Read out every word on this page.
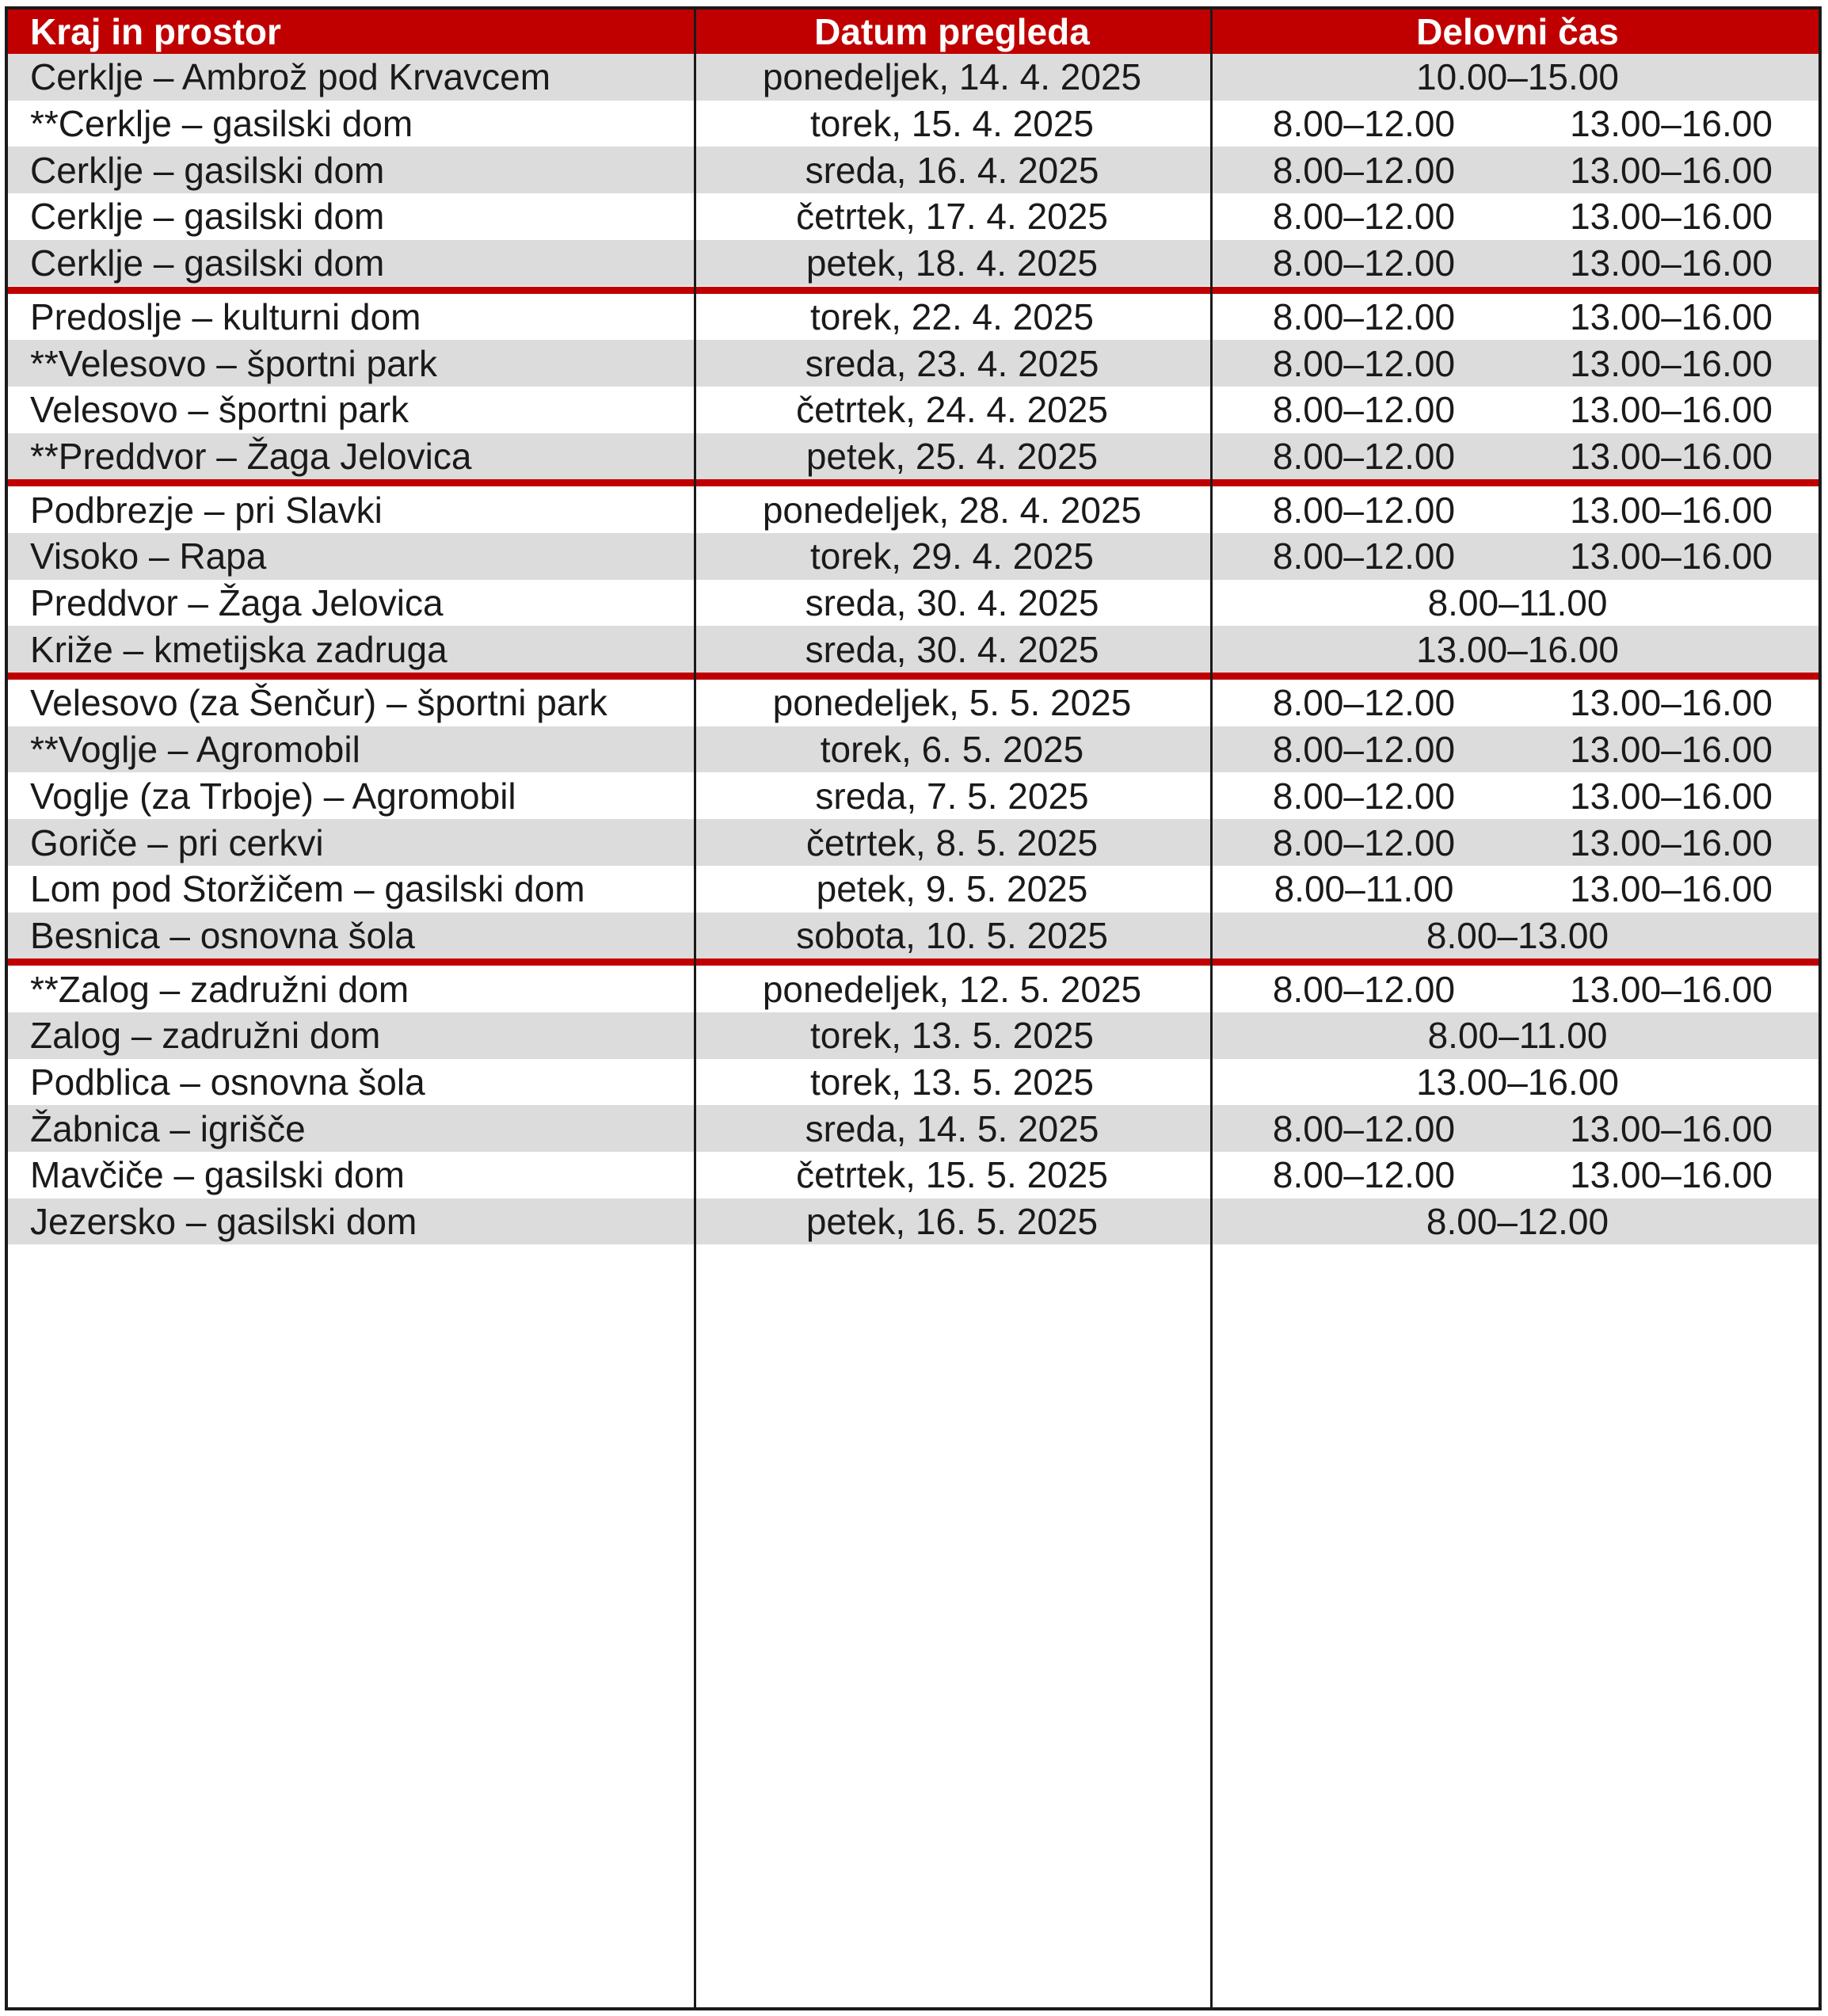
Kraj in prostor	Datum pregleda	Delovni čas
Cerklje – Ambrož pod Krvavcem	ponedeljek, 14. 4. 2025	10.00–15.00
**Cerklje – gasilski dom	torek, 15. 4. 2025	8.00–12.00	13.00–16.00
Cerklje – gasilski dom	sreda, 16. 4. 2025	8.00–12.00	13.00–16.00
Cerklje – gasilski dom	četrtek, 17. 4. 2025	8.00–12.00	13.00–16.00
Cerklje – gasilski dom	petek, 18. 4. 2025	8.00–12.00	13.00–16.00
Predoslje – kulturni dom	torek, 22. 4. 2025	8.00–12.00	13.00–16.00
**Velesovo – športni park	sreda, 23. 4. 2025	8.00–12.00	13.00–16.00
Velesovo – športni park	četrtek, 24. 4. 2025	8.00–12.00	13.00–16.00
**Preddvor – Žaga Jelovica	petek, 25. 4. 2025	8.00–12.00	13.00–16.00
Podbrezje – pri Slavki	ponedeljek, 28. 4. 2025	8.00–12.00	13.00–16.00
Visoko – Rapa	torek, 29. 4. 2025	8.00–12.00	13.00–16.00
Preddvor – Žaga Jelovica	sreda, 30. 4. 2025	8.00–11.00
Križe – kmetijska zadruga	sreda, 30. 4. 2025	13.00–16.00
Velesovo (za Šenčur) – športni park	ponedeljek, 5. 5. 2025	8.00–12.00	13.00–16.00
**Voglje – Agromobil	torek, 6. 5. 2025	8.00–12.00	13.00–16.00
Voglje (za Trboje) – Agromobil	sreda, 7. 5. 2025	8.00–12.00	13.00–16.00
Goriče – pri cerkvi	četrtek, 8. 5. 2025	8.00–12.00	13.00–16.00
Lom pod Storžičem – gasilski dom	petek, 9. 5. 2025	8.00–11.00	13.00–16.00
Besnica – osnovna šola	sobota, 10. 5. 2025	8.00–13.00
**Zalog – zadružni dom	ponedeljek, 12. 5. 2025	8.00–12.00	13.00–16.00
Zalog – zadružni dom	torek, 13. 5. 2025	8.00–11.00
Podblica – osnovna šola	torek, 13. 5. 2025	13.00–16.00
Žabnica – igrišče	sreda, 14. 5. 2025	8.00–12.00	13.00–16.00
Mavčiče – gasilski dom	četrtek, 15. 5. 2025	8.00–12.00	13.00–16.00
Jezersko – gasilski dom	petek, 16. 5. 2025	8.00–12.00
